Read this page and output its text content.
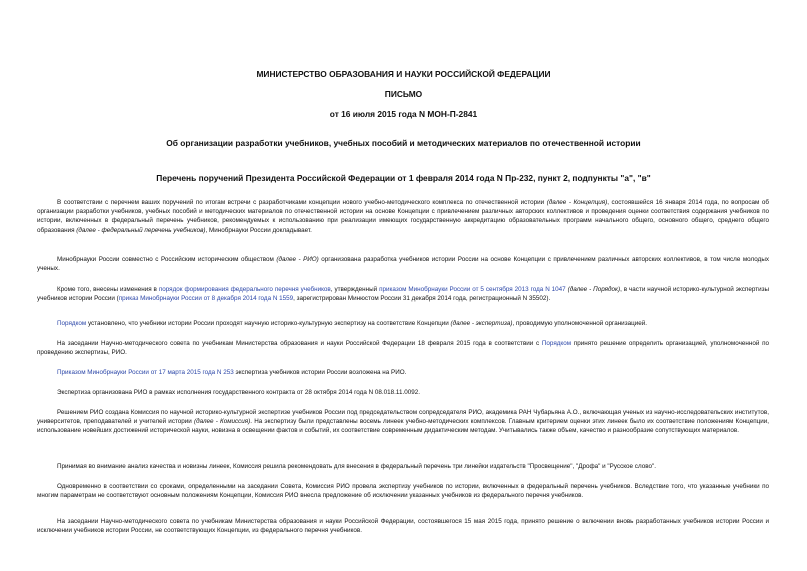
МИНИСТЕРСТВО ОБРАЗОВАНИЯ И НАУКИ РОССИЙСКОЙ ФЕДЕРАЦИИ

ПИСЬМО

от 16 июля 2015 года N МОН-П-2841

Об организации разработки учебников, учебных пособий и методических материалов по отечественной истории

Перечень поручений Президента Российской Федерации от 1 февраля 2014 года N Пр-232, пункт 2, подпункты "а", "в"

В соответствии с перечнем ваших поручений по итогам встречи с разработчиками концепции нового учебно-методического комплекса по отечественной истории (далее - Концепция), состоявшейся 16 января 2014 года, по вопросам об организации разработки учебников, учебных пособий и методических материалов по отечественной истории на основе Концепции с привлечением различных авторских коллективов и проведения оценки соответствия содержания учебников по истории, включенных в федеральный перечень учебников, рекомендуемых к использованию при реализации имеющих государственную аккредитацию образовательных программ начального общего, основного общего, среднего общего образования (далее - федеральный перечень учебников), Минобрнауки России докладывает.

Минобрнауки России совместно с Российским историческим обществом (далее - РИО) организована разработка учебников истории России на основе Концепции с привлечением различных авторских коллективов, в том числе молодых ученых.

Кроме того, внесены изменения в порядок формирования федерального перечня учебников, утвержденный приказом Минобрнауки России от 5 сентября 2013 года N 1047 (далее - Порядок), в части научной историко-культурной экспертизы учебников истории России (приказ Минобрнауки России от 8 декабря 2014 года N 1559, зарегистрирован Минюстом России 31 декабря 2014 года, регистрационный N 35502).

Порядком установлено, что учебники истории России проходят научную историко-культурную экспертизу на соответствие Концепции (далее - экспертиза), проводимую уполномоченной организацией.

На заседании Научно-методического совета по учебникам Министерства образования и науки Российской Федерации 18 февраля 2015 года в соответствии с Порядком принято решение определить организацией, уполномоченной по проведению экспертизы, РИО.

Приказом Минобрнауки России от 17 марта 2015 года N 253 экспертиза учебников истории России возложена на РИО.

Экспертиза организована РИО в рамках исполнения государственного контракта от 28 октября 2014 года N 08.018.11.0092.

Решением РИО создана Комиссия по научной историко-культурной экспертизе учебников России под председательством сопредседателя РИО, академика РАН Чубарьяна А.О., включающая ученых из научно-исследовательских институтов, университетов, преподавателей и учителей истории (далее - Комиссия). На экспертизу были представлены восемь линеек учебно-методических комплексов. Главным критерием оценки этих линеек было их соответствие положениям Концепции, использование новейших достижений исторической науки, новизна в освещении фактов и событий, их соответствие современным дидактическим методам. Учитывались также объем, качество и разнообразие сопутствующих материалов.

Принимая во внимание анализ качества и новизны линеек, Комиссия решила рекомендовать для внесения в федеральный перечень три линейки издательств "Просвещение", "Дрофа" и "Русское слово".

Одновременно в соответствии со сроками, определенными на заседании Совета, Комиссия РИО провела экспертизу учебников по истории, включенных в федеральный перечень учебников. Вследствие того, что указанные учебники по многим параметрам не соответствуют основным положениям Концепции, Комиссия РИО внесла предложение об исключении указанных учебников из федерального перечня учебников.

На заседании Научно-методического совета по учебникам Министерства образования и науки Российской Федерации, состоявшегося 15 мая 2015 года, принято решение о включении вновь разработанных учебников истории России и исключении учебников истории России, не соответствующих Концепции, из федерального перечня учебников.
